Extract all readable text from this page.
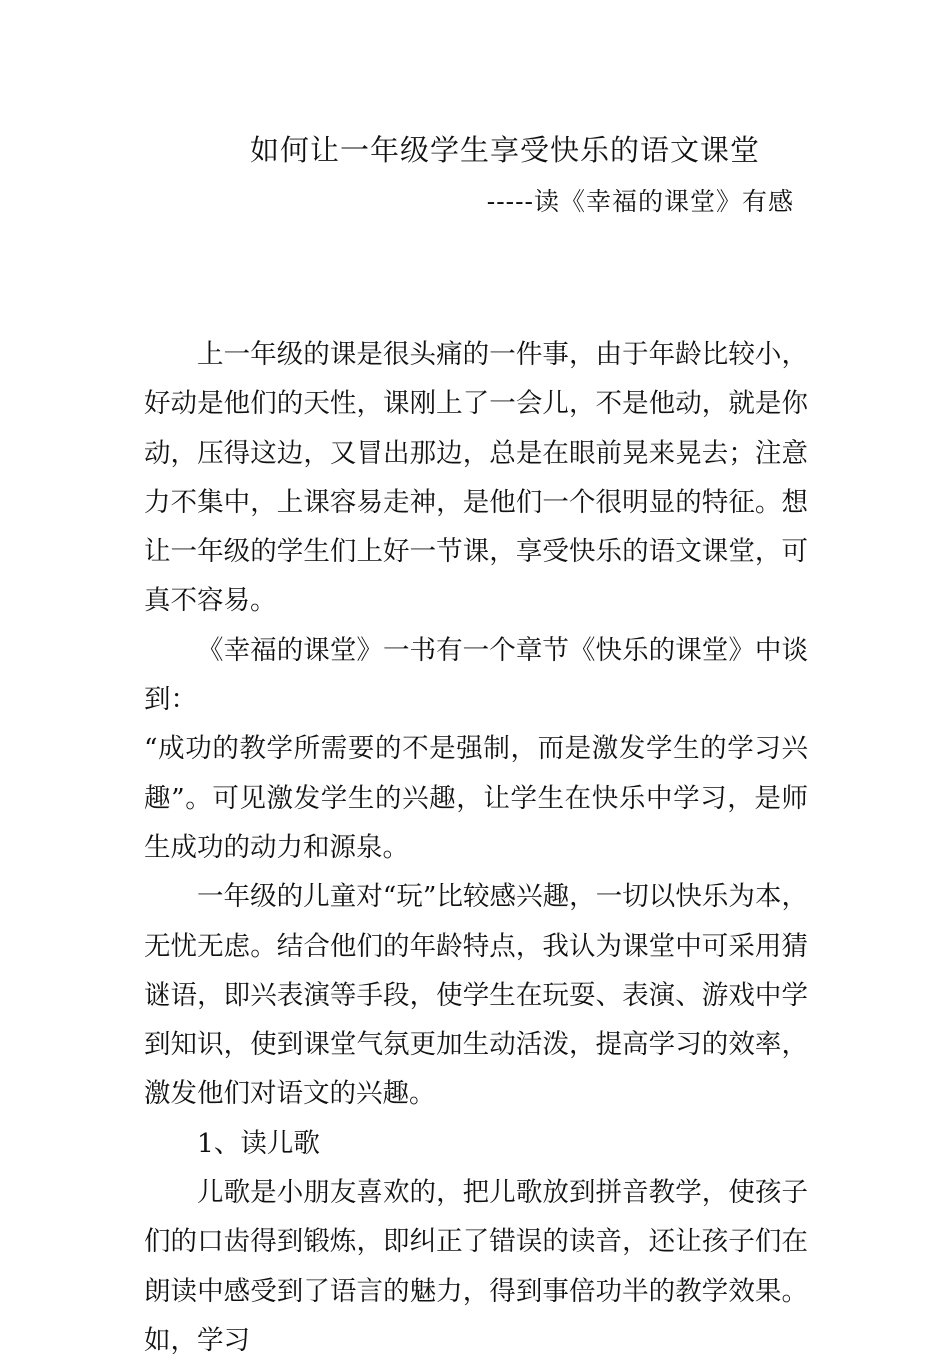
如何让一年级学生享受快乐的语文课堂
-----读《幸福的课堂》有感

上一年级的课是很头痛的一件事，由于年龄比较小，好动是他们的天性，课刚上了一会儿，不是他动，就是你动，压得这边，又冒出那边，总是在眼前晃来晃去；注意力不集中，上课容易走神，是他们一个很明显的特征。想让一年级的学生们上好一节课，享受快乐的语文课堂，可真不容易。

《幸福的课堂》一书有一个章节《快乐的课堂》中谈到：

“成功的教学所需要的不是强制，而是激发学生的学习兴趣”。可见激发学生的兴趣，让学生在快乐中学习，是师生成功的动力和源泉。

一年级的儿童对“玩”比较感兴趣，一切以快乐为本，无忧无虑。结合他们的年龄特点，我认为课堂中可采用猜谜语，即兴表演等手段，使学生在玩耍、表演、游戏中学到知识，使到课堂气氛更加生动活泼，提高学习的效率，激发他们对语文的兴趣。

1、读儿歌

儿歌是小朋友喜欢的，把儿歌放到拼音教学，使孩子们的口齿得到锻炼，即纠正了错误的读音，还让孩子们在朗读中感受到了语言的魅力，得到事倍功半的教学效果。如，学习
